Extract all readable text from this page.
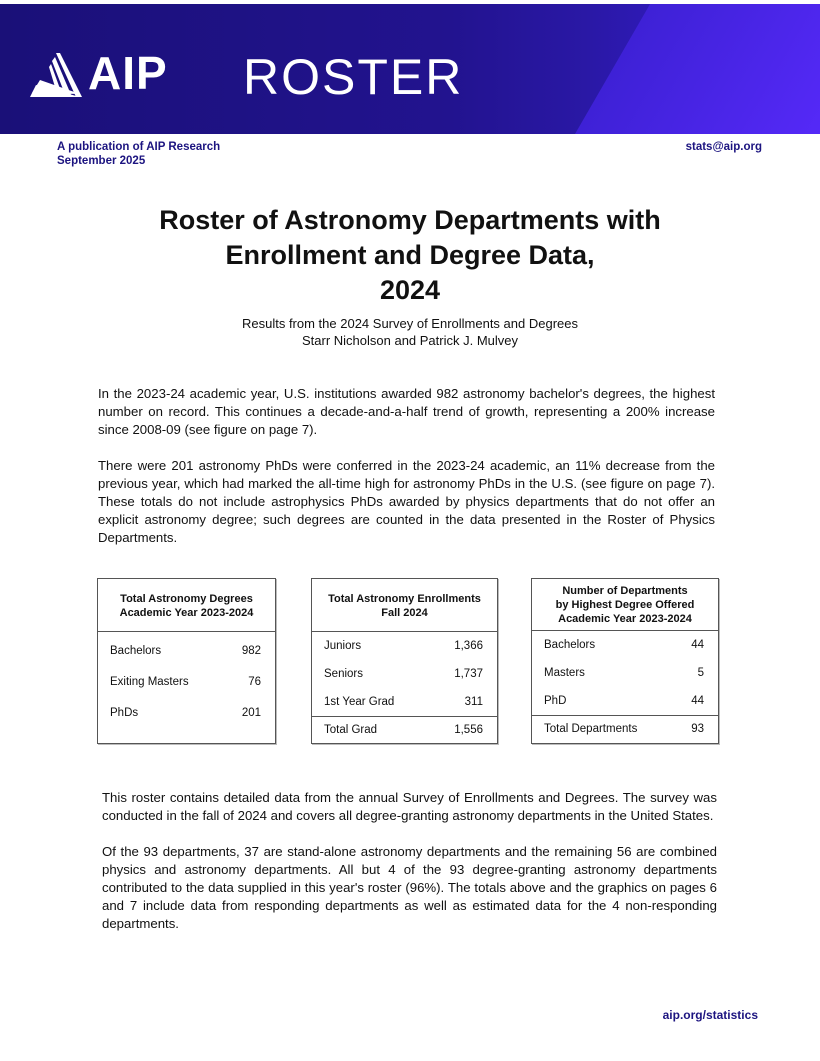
AIP ROSTER
A publication of AIP Research
September 2025
stats@aip.org
Roster of Astronomy Departments with
Enrollment and Degree Data,
2024
Results from the 2024 Survey of Enrollments and Degrees
Starr Nicholson and Patrick J. Mulvey

In the 2023-24 academic year, U.S. institutions awarded 982 astronomy bachelor's degrees, the highest number on record. This continues a decade-and-a-half trend of growth, representing a 200% increase since 2008-09 (see figure on page 7).

There were 201 astronomy PhDs were conferred in the 2023-24 academic, an 11% decrease from the previous year, which had marked the all-time high for astronomy PhDs in the U.S. (see figure on page 7). These totals do not include astrophysics PhDs awarded by physics departments that do not offer an explicit astronomy degree; such degrees are counted in the data presented in the Roster of Physics Departments.

Total Astronomy Degrees
Academic Year 2023-2024
Bachelors	982
Exiting Masters	76
PhDs	201
Total Astronomy Enrollments
Fall 2024
Juniors	1,366
Seniors	1,737
1st Year Grad	311
Total Grad	1,556
Number of Departments
by Highest Degree Offered
Academic Year 2023-2024
Bachelors	44
Masters	5
PhD	44
Total Departments	93

This roster contains detailed data from the annual Survey of Enrollments and Degrees. The survey was conducted in the fall of 2024 and covers all degree-granting astronomy departments in the United States.

Of the 93 departments, 37 are stand-alone astronomy departments and the remaining 56 are combined physics and astronomy departments. All but 4 of the 93 degree-granting astronomy departments contributed to the data supplied in this year's roster (96%). The totals above and the graphics on pages 6 and 7 include data from responding departments as well as estimated data for the 4 non-responding departments.

aip.org/statistics
